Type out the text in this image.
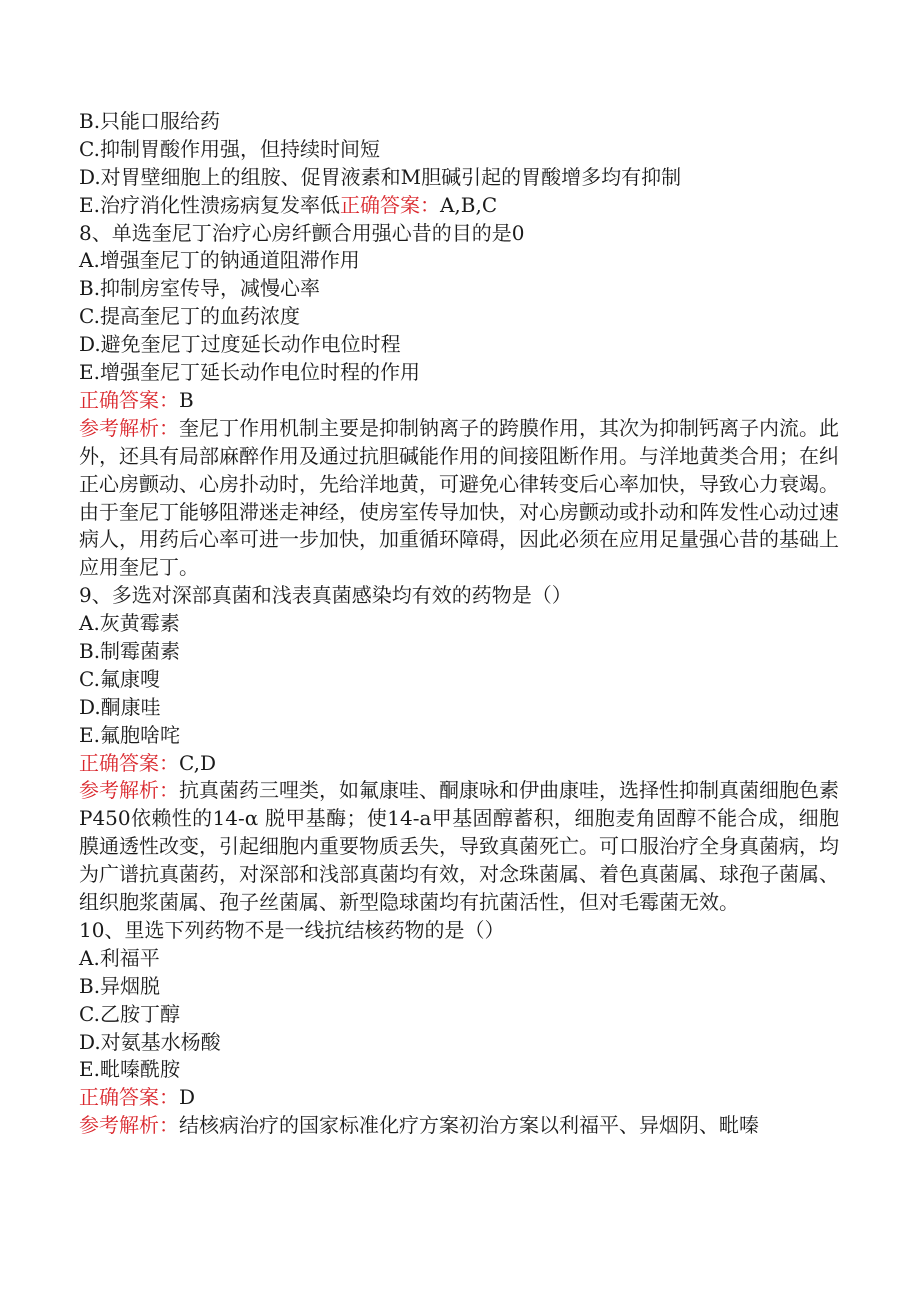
B.只能口服给药
C.抑制胃酸作用强，但持续时间短
D.对胃壁细胞上的组胺、促胃液素和M胆碱引起的胃酸增多均有抑制
E.治疗消化性溃疡病复发率低正确答案：A,B,C
8、单选奎尼丁治疗心房纤颤合用强心昔的目的是0
A.增强奎尼丁的钠通道阻滞作用
B.抑制房室传导，减慢心率
C.提高奎尼丁的血药浓度
D.避免奎尼丁过度延长动作电位时程
E.增强奎尼丁延长动作电位时程的作用
正确答案：B
参考解析：奎尼丁作用机制主要是抑制钠离子的跨膜作用，其次为抑制钙离子内流。此外，还具有局部麻醉作用及通过抗胆碱能作用的间接阻断作用。与洋地黄类合用；在纠正心房颤动、心房扑动时，先给洋地黄，可避免心律转变后心率加快，导致心力衰竭。由于奎尼丁能够阻滞迷走神经，使房室传导加快，对心房颤动或扑动和阵发性心动过速病人，用药后心率可进一步加快，加重循环障碍，因此必须在应用足量强心昔的基础上应用奎尼丁。
9、多选对深部真菌和浅表真菌感染均有效的药物是（）
A.灰黄霉素
B.制霉菌素
C.氟康嗖
D.酮康哇
E.氟胞啥咤
正确答案：C,D
参考解析：抗真菌药三哩类，如氟康哇、酮康咏和伊曲康哇，选择性抑制真菌细胞色素P450依赖性的14-α 脱甲基酶；使14-a甲基固醇蓄积，细胞麦角固醇不能合成，细胞膜通透性改变，引起细胞内重要物质丢失，导致真菌死亡。可口服治疗全身真菌病，均为广谱抗真菌药，对深部和浅部真菌均有效，对念珠菌属、着色真菌属、球孢子菌属、组织胞浆菌属、孢子丝菌属、新型隐球菌均有抗菌活性，但对毛霉菌无效。
10、里选下列药物不是一线抗结核药物的是（）
A.利福平
B.异烟脱
C.乙胺丁醇
D.对氨基水杨酸
E.毗嗪酰胺
正确答案：D
参考解析：结核病治疗的国家标准化疗方案初治方案以利福平、异烟阴、毗嗪
